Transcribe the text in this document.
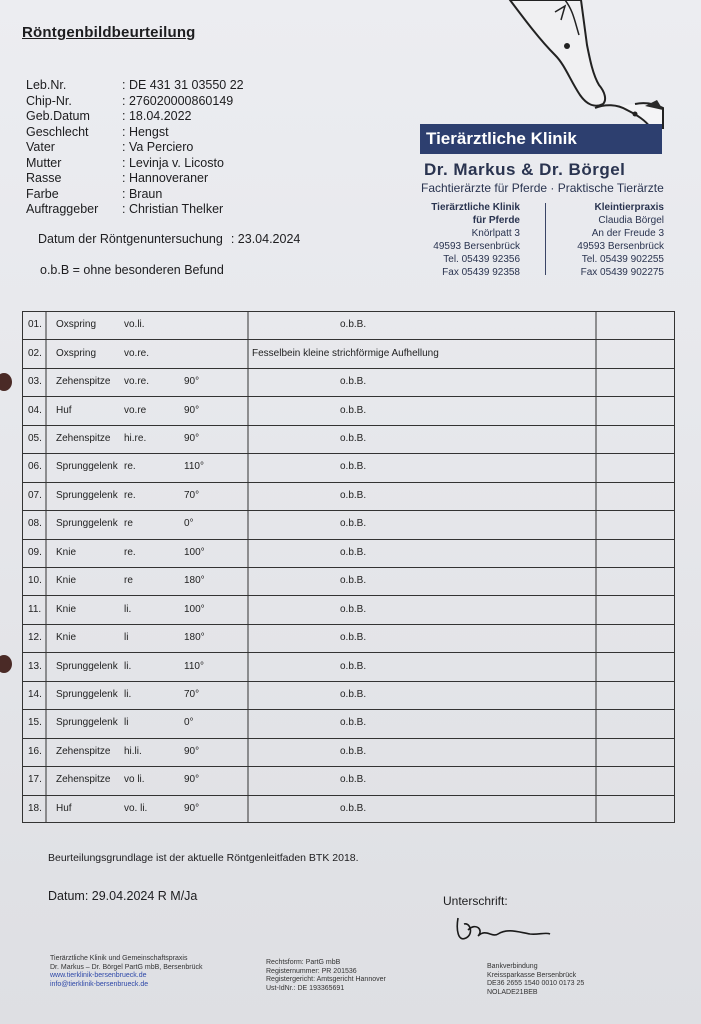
Röntgenbildbeurteilung
Leb.Nr.	: DE 431 31 03550 22
Chip-Nr.	: 276020000860149
Geb.Datum	: 18.04.2022
Geschlecht	: Hengst
Vater	: Va Perciero
Mutter	: Levinja v. Licosto
Rasse	: Hannoveraner
Farbe	: Braun
Auftraggeber	: Christian Thelker
Datum der Röntgenuntersuchung : 23.04.2024
o.b.B = ohne besonderen Befund
Tierärztliche Klinik
Dr. Markus & Dr. Börgel
Fachtierärzte für Pferde · Praktische Tierärzte
Tierärztliche Klinik
für Pferde
Knörlpatt 3
49593 Bersenbrück
Tel. 05439 92356
Fax 05439 92358
Kleintierpraxis
Claudia Börgel
An der Freude 3
49593 Bersenbrück
Tel. 05439 902255
Fax 05439 902275
01. Oxspring	vo.li.	o.b.B.
02. Oxspring	vo.re.	Fesselbein kleine strichförmige Aufhellung
03. Zehenspitze vo.re.	90°	o.b.B.
04. Huf	vo.re	90°	o.b.B.
05. Zehenspitze hi.re.	90°	o.b.B.
06. Sprunggelenk re.	110°	o.b.B.
07. Sprunggelenk re.	70°	o.b.B.
08. Sprunggelenk re	0°	o.b.B.
09. Knie	re.	100°	o.b.B.
10. Knie	re	180°	o.b.B.
11. Knie	li.	100°	o.b.B.
12. Knie	li	180°	o.b.B.
13. Sprunggelenk li.	110°	o.b.B.
14. Sprunggelenk li.	70°	o.b.B.
15. Sprunggelenk li	0°	o.b.B.
16. Zehenspitze hi.li.	90°	o.b.B.
17. Zehenspitze vo li.	90°	o.b.B.
18. Huf	vo. li.	90°	o.b.B.
Beurteilungsgrundlage ist der aktuelle Röntgenleitfaden BTK 2018.
Datum: 29.04.2024 R M/Ja	Unterschrift:
Tierärztliche Klinik und Gemeinschaftspraxis
Dr. Markus – Dr. Börgel PartG mbB, Bersenbrück
www.tierklinik-bersenbrueck.de
info@tierklinik-bersenbrueck.de
Rechtsform: PartG mbB
Registernummer: PR 201536
Registergericht: Amtsgericht Hannover
Ust-IdNr.: DE 193365691
Bankverbindung
Kreissparkasse Bersenbrück
DE36 2655 1540 0010 0173 25
NOLADE21BEB
